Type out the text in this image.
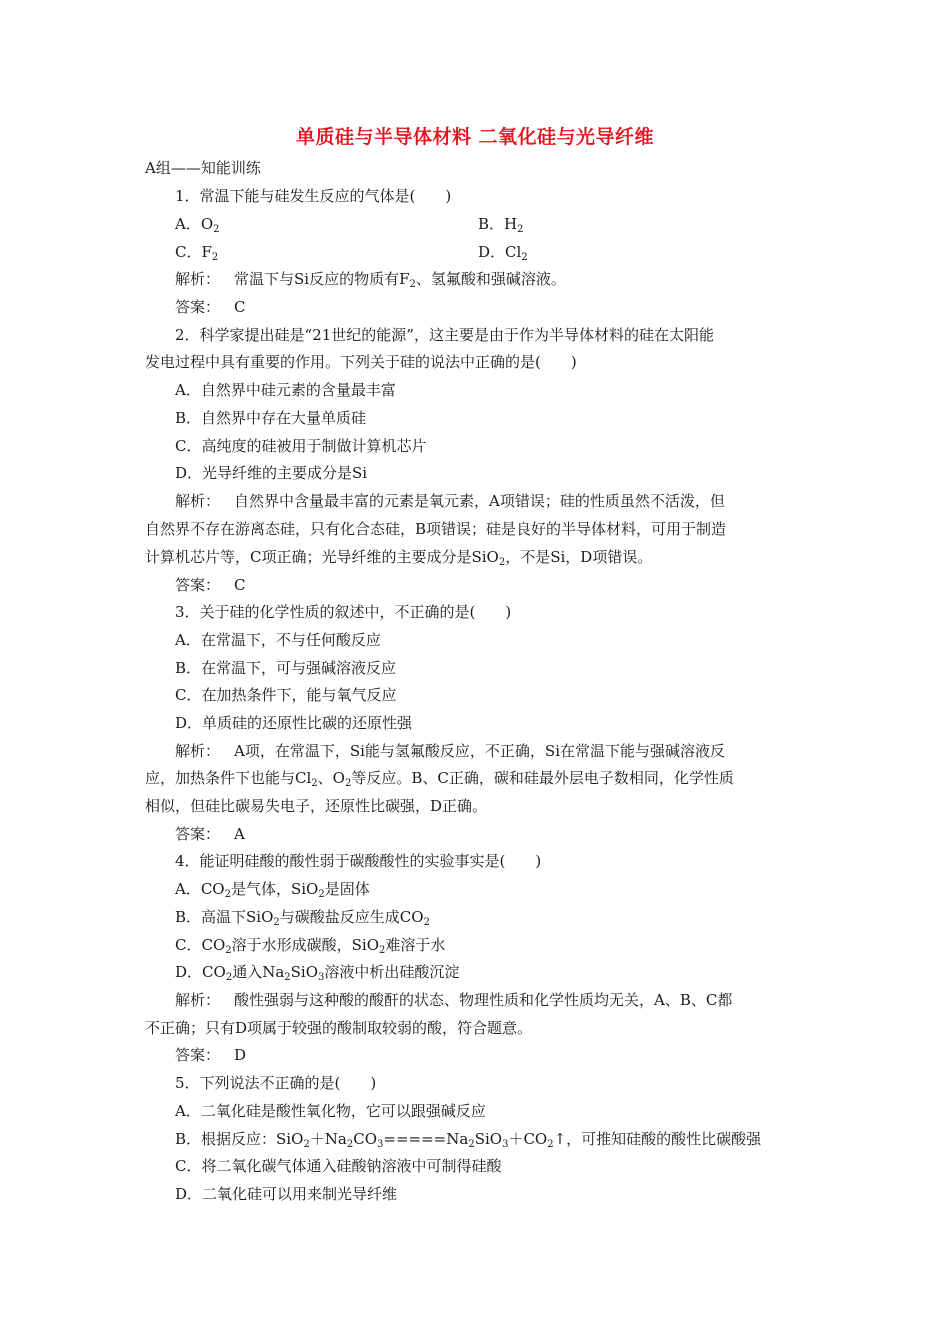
单质硅与半导体材料 二氧化硅与光导纤维
A组——知能训练
1．常温下能与硅发生反应的气体是(　　)
A．$O_2$	B．$H_2$
C．$F_2$	D．$Cl_2$
解析： 常温下与Si反应的物质有$F_2$、氢氟酸和强碱溶液。
答案： C
2．科学家提出硅是“21世纪的能源”，这主要是由于作为半导体材料的硅在太阳能
发电过程中具有重要的作用。下列关于硅的说法中正确的是(　　)
A．自然界中硅元素的含量最丰富
B．自然界中存在大量单质硅
C．高纯度的硅被用于制做计算机芯片
D．光导纤维的主要成分是Si
解析： 自然界中含量最丰富的元素是氧元素，A项错误；硅的性质虽然不活泼，但
自然界不存在游离态硅，只有化合态硅，B项错误；硅是良好的半导体材料，可用于制造
计算机芯片等，C项正确；光导纤维的主要成分是SiO$_2$，不是Si，D项错误。
答案： C
3．关于硅的化学性质的叙述中，不正确的是(　　)
A．在常温下，不与任何酸反应
B．在常温下，可与强碱溶液反应
C．在加热条件下，能与氧气反应
D．单质硅的还原性比碳的还原性强
解析： A项，在常温下，Si能与氢氟酸反应，不正确，Si在常温下能与强碱溶液反
应，加热条件下也能与$Cl_2$、$O_2$等反应。B、C正确，碳和硅最外层电子数相同，化学性质
相似，但硅比碳易失电子，还原性比碳强，D正确。
答案： A
4．能证明硅酸的酸性弱于碳酸酸性的实验事实是(　　)
A．$CO_2$是气体，SiO$_2$是固体
B．高温下SiO$_2$与碳酸盐反应生成$CO_2$
C．$CO_2$溶于水形成碳酸，SiO$_2$难溶于水
D．$CO_2$通入$Na_2SiO_3$溶液中析出硅酸沉淀
解析： 酸性强弱与这种酸的酸酐的状态、物理性质和化学性质均无关，A、B、C都
不正确；只有D项属于较强的酸制取较弱的酸，符合题意。
答案： D
5．下列说法不正确的是(　　)
A．二氧化硅是酸性氧化物，它可以跟强碱反应
B．根据反应：$SiO_2+Na_2CO_3=====Na_2SiO_3+CO_2↑$，可推知硅酸的酸性比碳酸强
C．将二氧化碳气体通入硅酸钠溶液中可制得硅酸
D．二氧化硅可以用来制光导纤维
